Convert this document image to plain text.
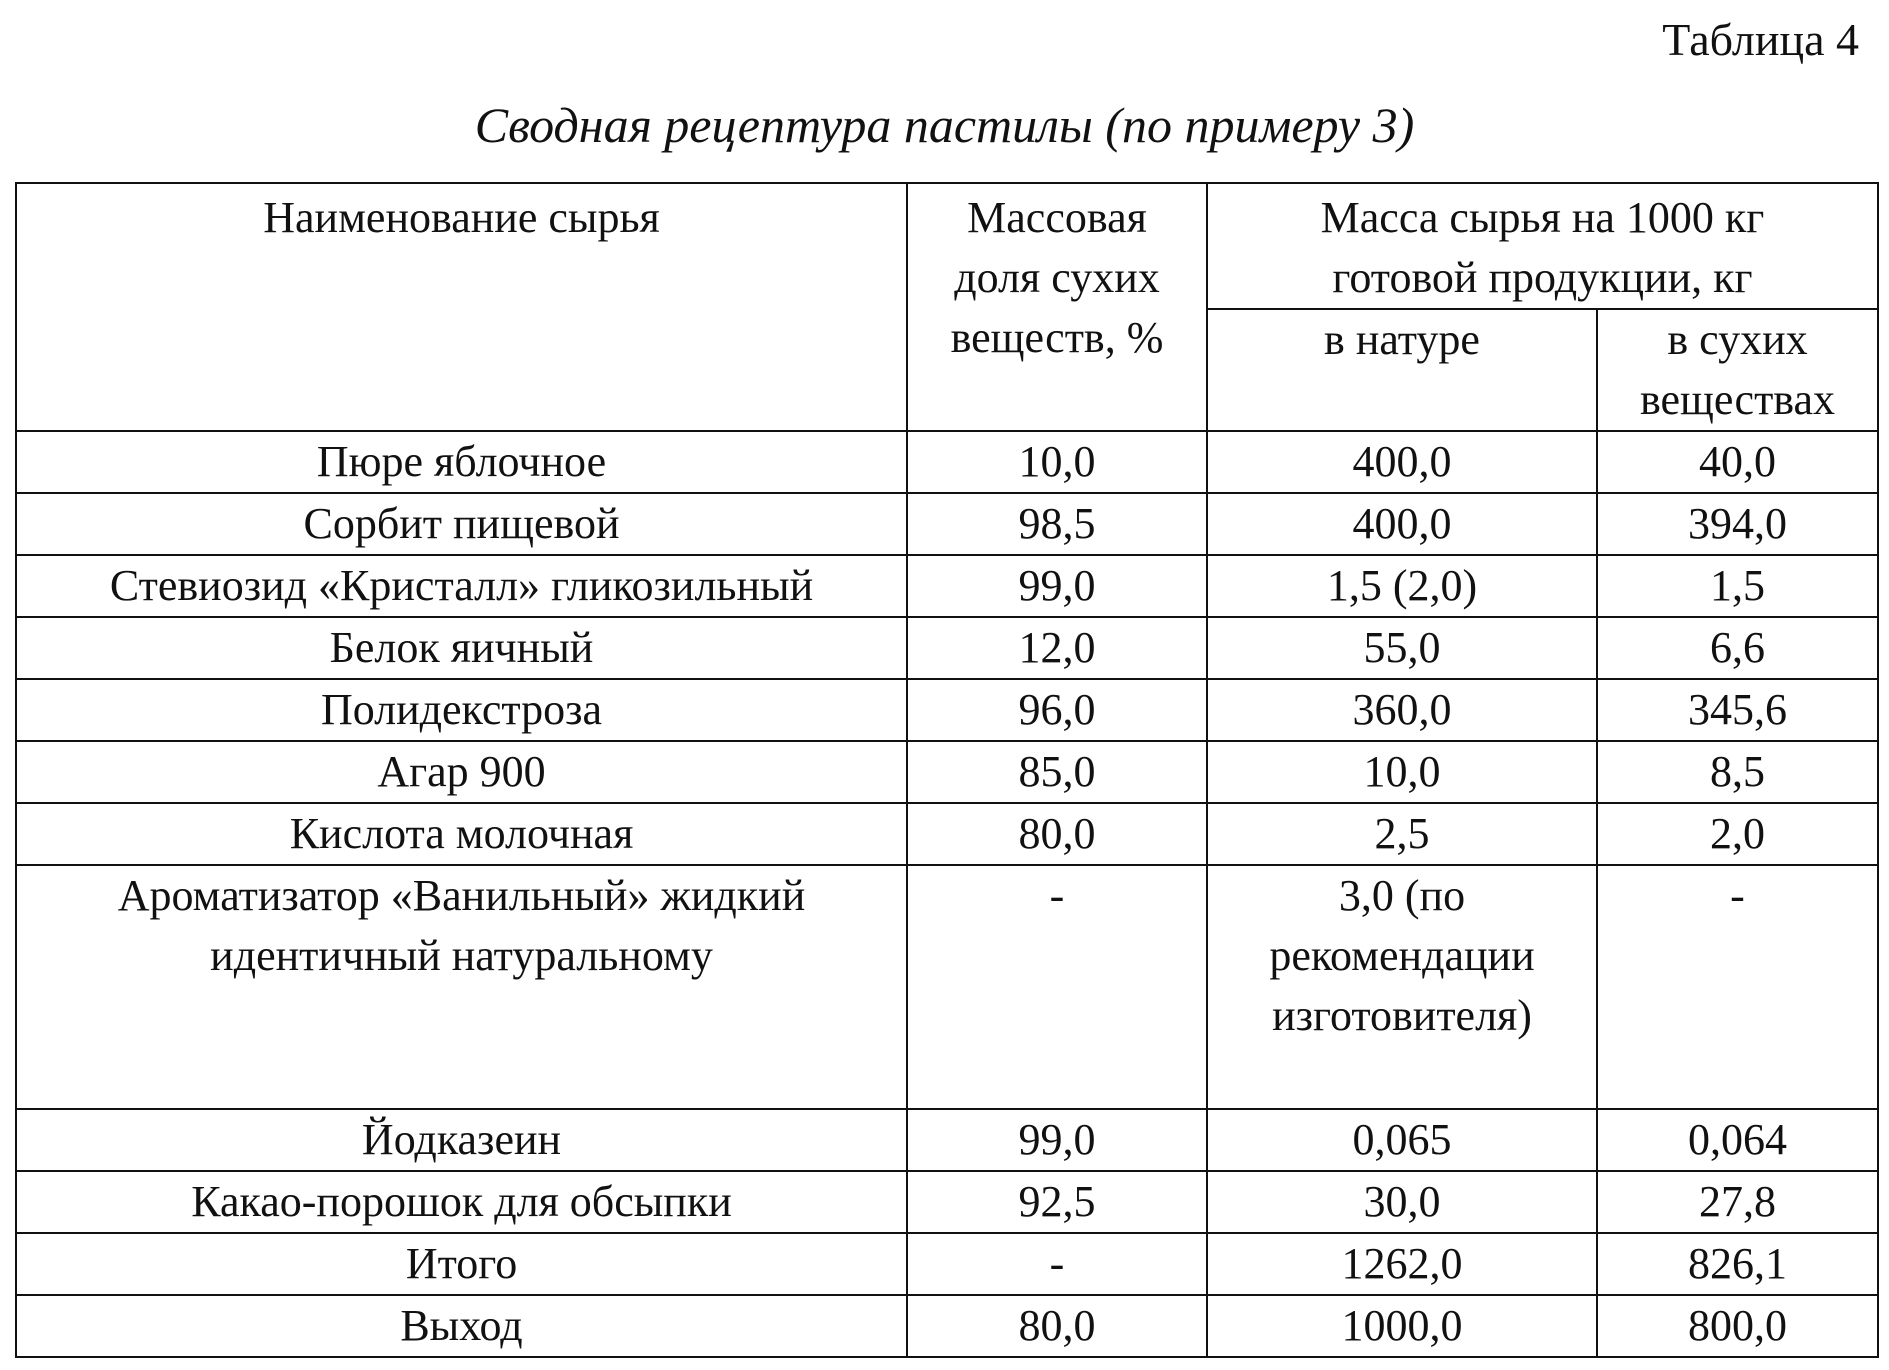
Таблица 4
Сводная рецептура пастилы (по примеру 3)
Наименование сырья	Массовая доля сухих веществ, %	Масса сырья на 1000 кг готовой продукции, кг	
		в натуре	в сухих веществах
Пюре яблочное	10,0	400,0	40,0
Сорбит пищевой	98,5	400,0	394,0
Стевиозид «Кристалл» гликозильный	99,0	1,5 (2,0)	1,5
Белок яичный	12,0	55,0	6,6
Полидекстроза	96,0	360,0	345,6
Агар 900	85,0	10,0	8,5
Кислота молочная	80,0	2,5	2,0
Ароматизатор «Ванильный» жидкий идентичный натуральному	-	3,0 (по рекомендации изготовителя)	-
Йодказеин	99,0	0,065	0,064
Какао-порошок для обсыпки	92,5	30,0	27,8
Итого	-	1262,0	826,1
Выход	80,0	1000,0	800,0
